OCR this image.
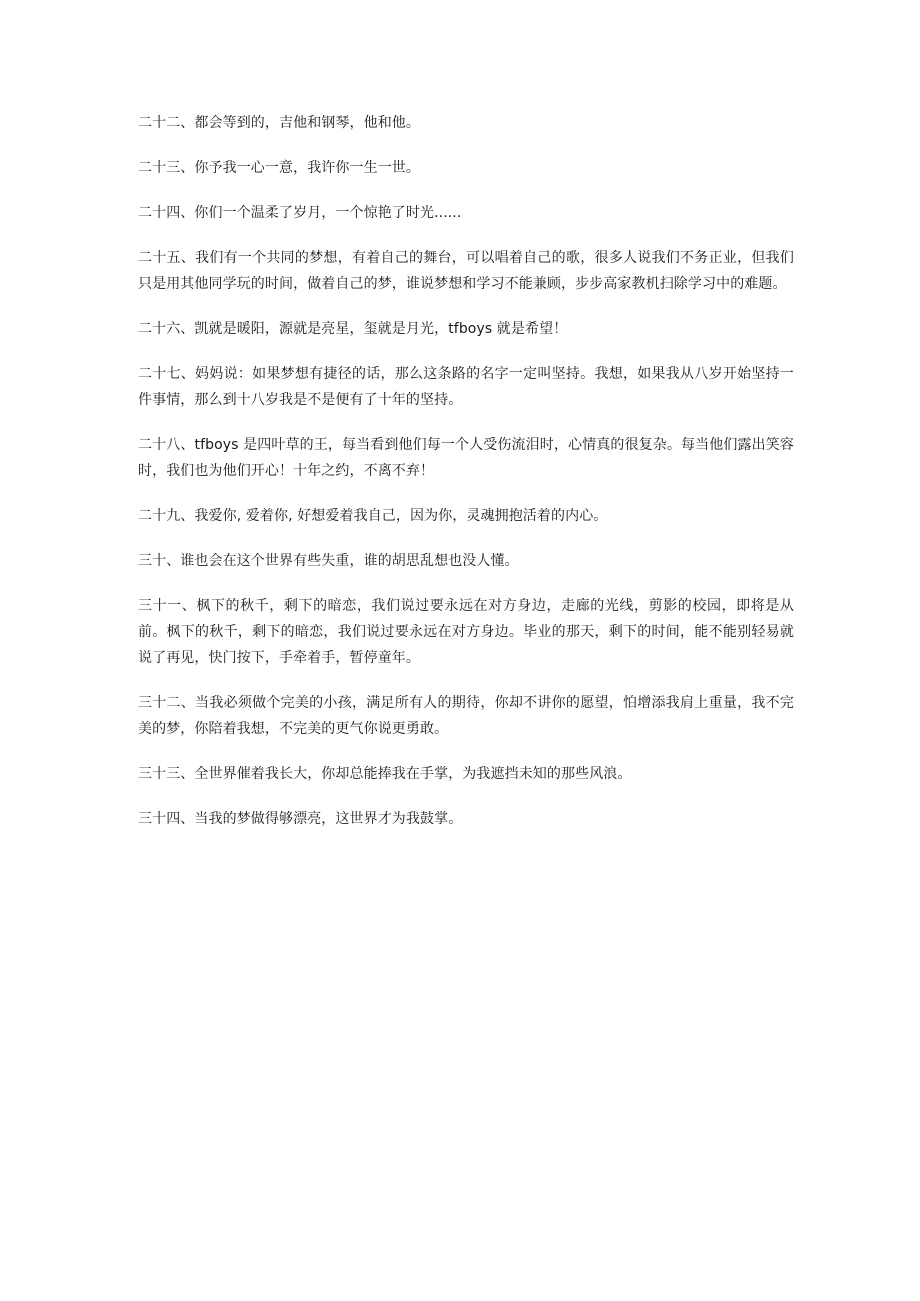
二十二、都会等到的，吉他和钢琴，他和他。

二十三、你予我一心一意，我许你一生一世。

二十四、你们一个温柔了岁月，一个惊艳了时光......

二十五、我们有一个共同的梦想，有着自己的舞台，可以唱着自己的歌，很多人说我们不务正业，但我们只是用其他同学玩的时间，做着自己的梦，谁说梦想和学习不能兼顾，步步高家教机扫除学习中的难题。

二十六、凯就是暖阳，源就是亮星，玺就是月光，tfboys 就是希望！

二十七、妈妈说：如果梦想有捷径的话，那么这条路的名字一定叫坚持。我想，如果我从八岁开始坚持一件事情，那么到十八岁我是不是便有了十年的坚持。

二十八、tfboys 是四叶草的王，每当看到他们每一个人受伤流泪时，心情真的很复杂。每当他们露出笑容时，我们也为他们开心！十年之约，不离不弃！

二十九、我爱你, 爱着你, 好想爱着我自己，因为你，灵魂拥抱活着的内心。

三十、谁也会在这个世界有些失重，谁的胡思乱想也没人懂。

三十一、枫下的秋千，剩下的暗恋，我们说过要永远在对方身边，走廊的光线，剪影的校园，即将是从前。枫下的秋千，剩下的暗恋，我们说过要永远在对方身边。毕业的那天，剩下的时间，能不能别轻易就说了再见，快门按下，手牵着手，暂停童年。

三十二、当我必须做个完美的小孩，满足所有人的期待，你却不讲你的愿望，怕增添我肩上重量，我不完美的梦，你陪着我想，不完美的更气你说更勇敢。

三十三、全世界催着我长大，你却总能捧我在手掌，为我遮挡未知的那些风浪。

三十四、当我的梦做得够漂亮，这世界才为我鼓掌。
